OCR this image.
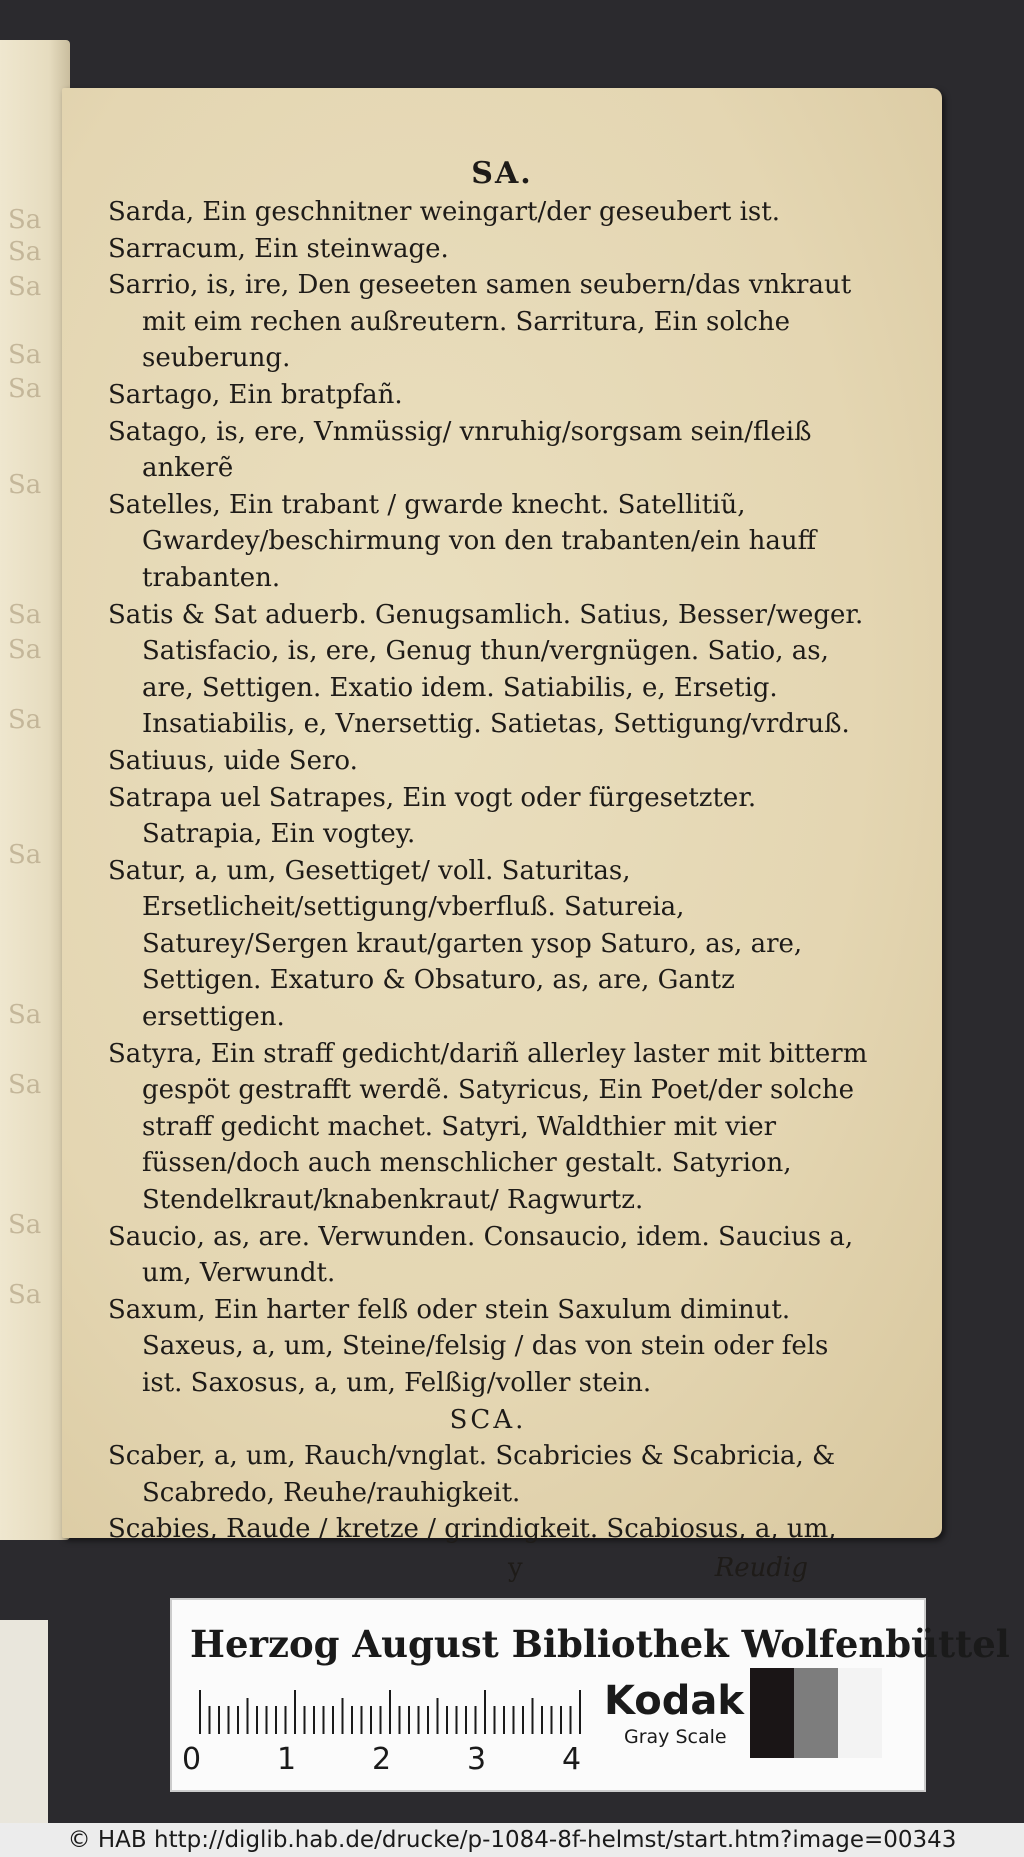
Sa
Sa
Sa
Sa
Sa
Sa
Sa
Sa
Sa
Sa
Sa
Sa
Sa
Sa
SA.
Sarda, Ein geschnitner weingart/der geseubert ist.
Sarracum, Ein steinwage.
Sarrio, is, ire, Den geseeten samen seubern/das vnkraut mit eim rechen außreutern. Sarritura, Ein solche seuberung.
Sartago, Ein bratpfañ.
Satago, is, ere, Vnmüssig/ vnruhig/sorgsam sein/fleiß ankerẽ
Satelles, Ein trabant / gwarde knecht. Satellitiũ, Gwardey/beschirmung von den trabanten/ein hauff trabanten.
Satis & Sat aduerb. Genugsamlich. Satius, Besser/weger. Satisfacio, is, ere, Genug thun/vergnügen. Satio, as, are, Settigen. Exatio idem. Satiabilis, e, Ersetig. Insatiabilis, e, Vnersettig. Satietas, Settigung/vrdruß.
Satiuus, uide Sero.
Satrapa uel Satrapes, Ein vogt oder fürgesetzter. Satrapia, Ein vogtey.
Satur, a, um, Gesettiget/ voll. Saturitas, Ersetlicheit/settigung/vberfluß. Satureia, Saturey/Sergen kraut/garten ysop Saturo, as, are, Settigen. Exaturo & Obsaturo, as, are, Gantz ersettigen.
Satyra, Ein straff gedicht/dariñ allerley laster mit bitterm gespöt gestrafft werdẽ. Satyricus, Ein Poet/der solche straff gedicht machet. Satyri, Waldthier mit vier füssen/doch auch menschlicher gestalt. Satyrion, Stendelkraut/knabenkraut/ Ragwurtz.
Saucio, as, are. Verwunden. Consaucio, idem. Saucius a, um, Verwundt.
Saxum, Ein harter felß oder stein Saxulum diminut. Saxeus, a, um, Steine/felsig / das von stein oder fels ist. Saxosus, a, um, Felßig/voller stein.
SCA.
Scaber, a, um, Rauch/vnglat. Scabricies & Scabricia, & Scabredo, Reuhe/rauhigkeit.
Scabies, Raude / kretze / grindigkeit. Scabiosus, a, um,
y	Reudig
Herzog August Bibliothek Wolfenbüttel
0	1	2	3	4
Kodak
Gray Scale
© HAB http://diglib.hab.de/drucke/p-1084-8f-helmst/start.htm?image=00343
